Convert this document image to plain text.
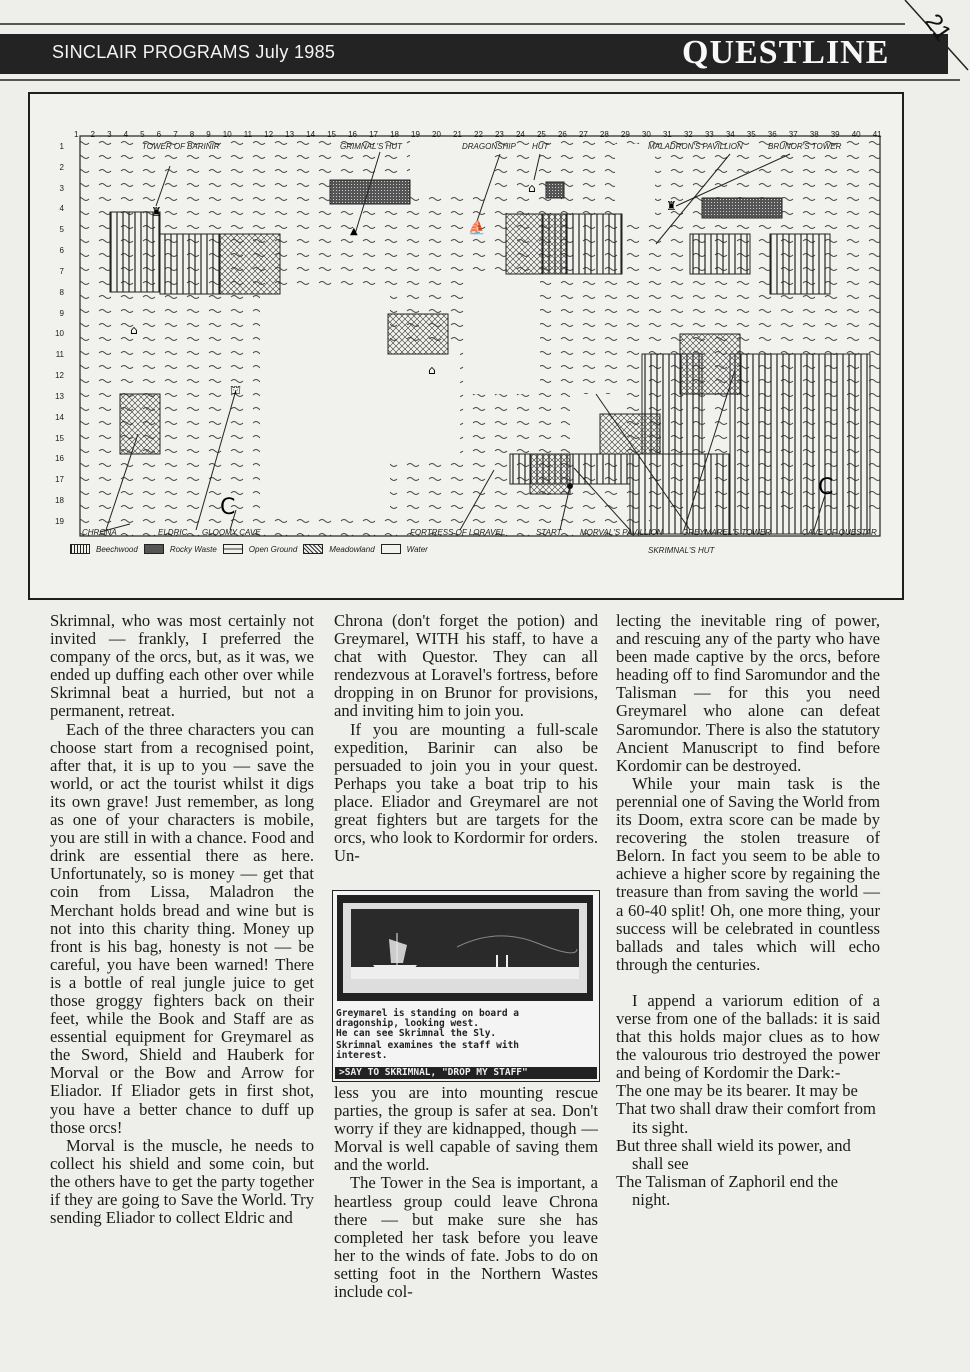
SINCLAIR PROGRAMS July 1985	QUESTLINE
21
♜
▲	⛵
⌂
♜
⛫
⌂
⌂
C
C
1 2 3 4 5 6 7 8 9 10 11 12 13 14 15 16 17 18 19 20 21 22 23 24 25 26 27 28 29 30 31 32 33 34 35 36 37 38 39 40 41
1
2
3
4
5
6
7
8
9
10
11
12
13
14
15
16
17
18
19
TOWER OF BARINIR	GRIMNAL'S HUT	DRAGONSHIP HUT	MALADRON'S PAVILLION	BRUNOR'S TOWER
CHRONA	ELDRIC GLOOMY CAVE	FORTRESS OF LORAVEL	START MORVAL'S PAVILLION GREYMAREL'S TOWER	CAVE OF QUESTAR
SKRIMNAL'S HUT
Beechwood	Rocky Waste	Open Ground	Meadowland	Water

Skrimnal, who was most certainly not invited — frankly, I preferred the company of the orcs, but, as it was, we ended up duffing each other over while Skrimnal beat a hurried, but not a permanent, retreat.

Each of the three characters you can choose start from a recognised point, after that, it is up to you — save the world, or act the tourist whilst it digs its own grave! Just remember, as long as one of your characters is mobile, you are still in with a chance. Food and drink are essential there as here. Unfortunately, so is money — get that coin from Lissa, Maladron the Merchant holds bread and wine but is not into this charity thing. Money up front is his bag, honesty is not — be careful, you have been warned! There is a bottle of real jungle juice to get those groggy fighters back on their feet, while the Book and Staff are as essential equipment for Greymarel as the Sword, Shield and Hauberk for Morval or the Bow and Arrow for Eliador. If Eliador gets in first shot, you have a better chance to duff up those orcs!

Morval is the muscle, he needs to collect his shield and some coin, but the others have to get the party together if they are going to Save the World. Try sending Eliador to collect Eldric and

Chrona (don't forget the potion) and Greymarel, WITH his staff, to have a chat with Questor. They can all rendezvous at Loravel's fortress, before dropping in on Brunor for provisions, and inviting him to join you.

If you are mounting a full-scale expedition, Barinir can also be persuaded to join you in your quest. Perhaps you take a boat trip to his place. Eliador and Greymarel are not great fighters but are targets for the orcs, who look to Kordormir for orders. Un-

Greymarel is standing on board a
dragonship, looking west.
He can see Skrimnal the Sly.
Skrimnal examines the staff with
interest.
>SAY TO SKRIMNAL, "DROP MY STAFF"

less you are into mounting rescue parties, the group is safer at sea. Don't worry if they are kidnapped, though — Morval is well capable of saving them and the world.

The Tower in the Sea is important, a heartless group could leave Chrona there — but make sure she has completed her task before you leave her to the winds of fate. Jobs to do on setting foot in the Northern Wastes include col-

lecting the inevitable ring of power, and rescuing any of the party who have been made captive by the orcs, before heading off to find Saromundor and the Talisman — for this you need Greymarel who alone can defeat Saromundor. There is also the statutory Ancient Manuscript to find before Kordomir can be destroyed.

While your main task is the perennial one of Saving the World from its Doom, extra score can be made by recovering the stolen treasure of Belorn. In fact you seem to be able to achieve a higher score by regaining the treasure than from saving the world — a 60-40 split! Oh, one more thing, your success will be celebrated in countless ballads and tales which will echo through the centuries.

I append a variorum edition of a verse from one of the ballads: it is said that this holds major clues as to how the valourous trio destroyed the power and being of Kordomir the Dark:-

The one may be its bearer. It may be

That two shall draw their comfort from its sight.

But three shall wield its power, and shall see

The Talisman of Zaphoril end the night.
